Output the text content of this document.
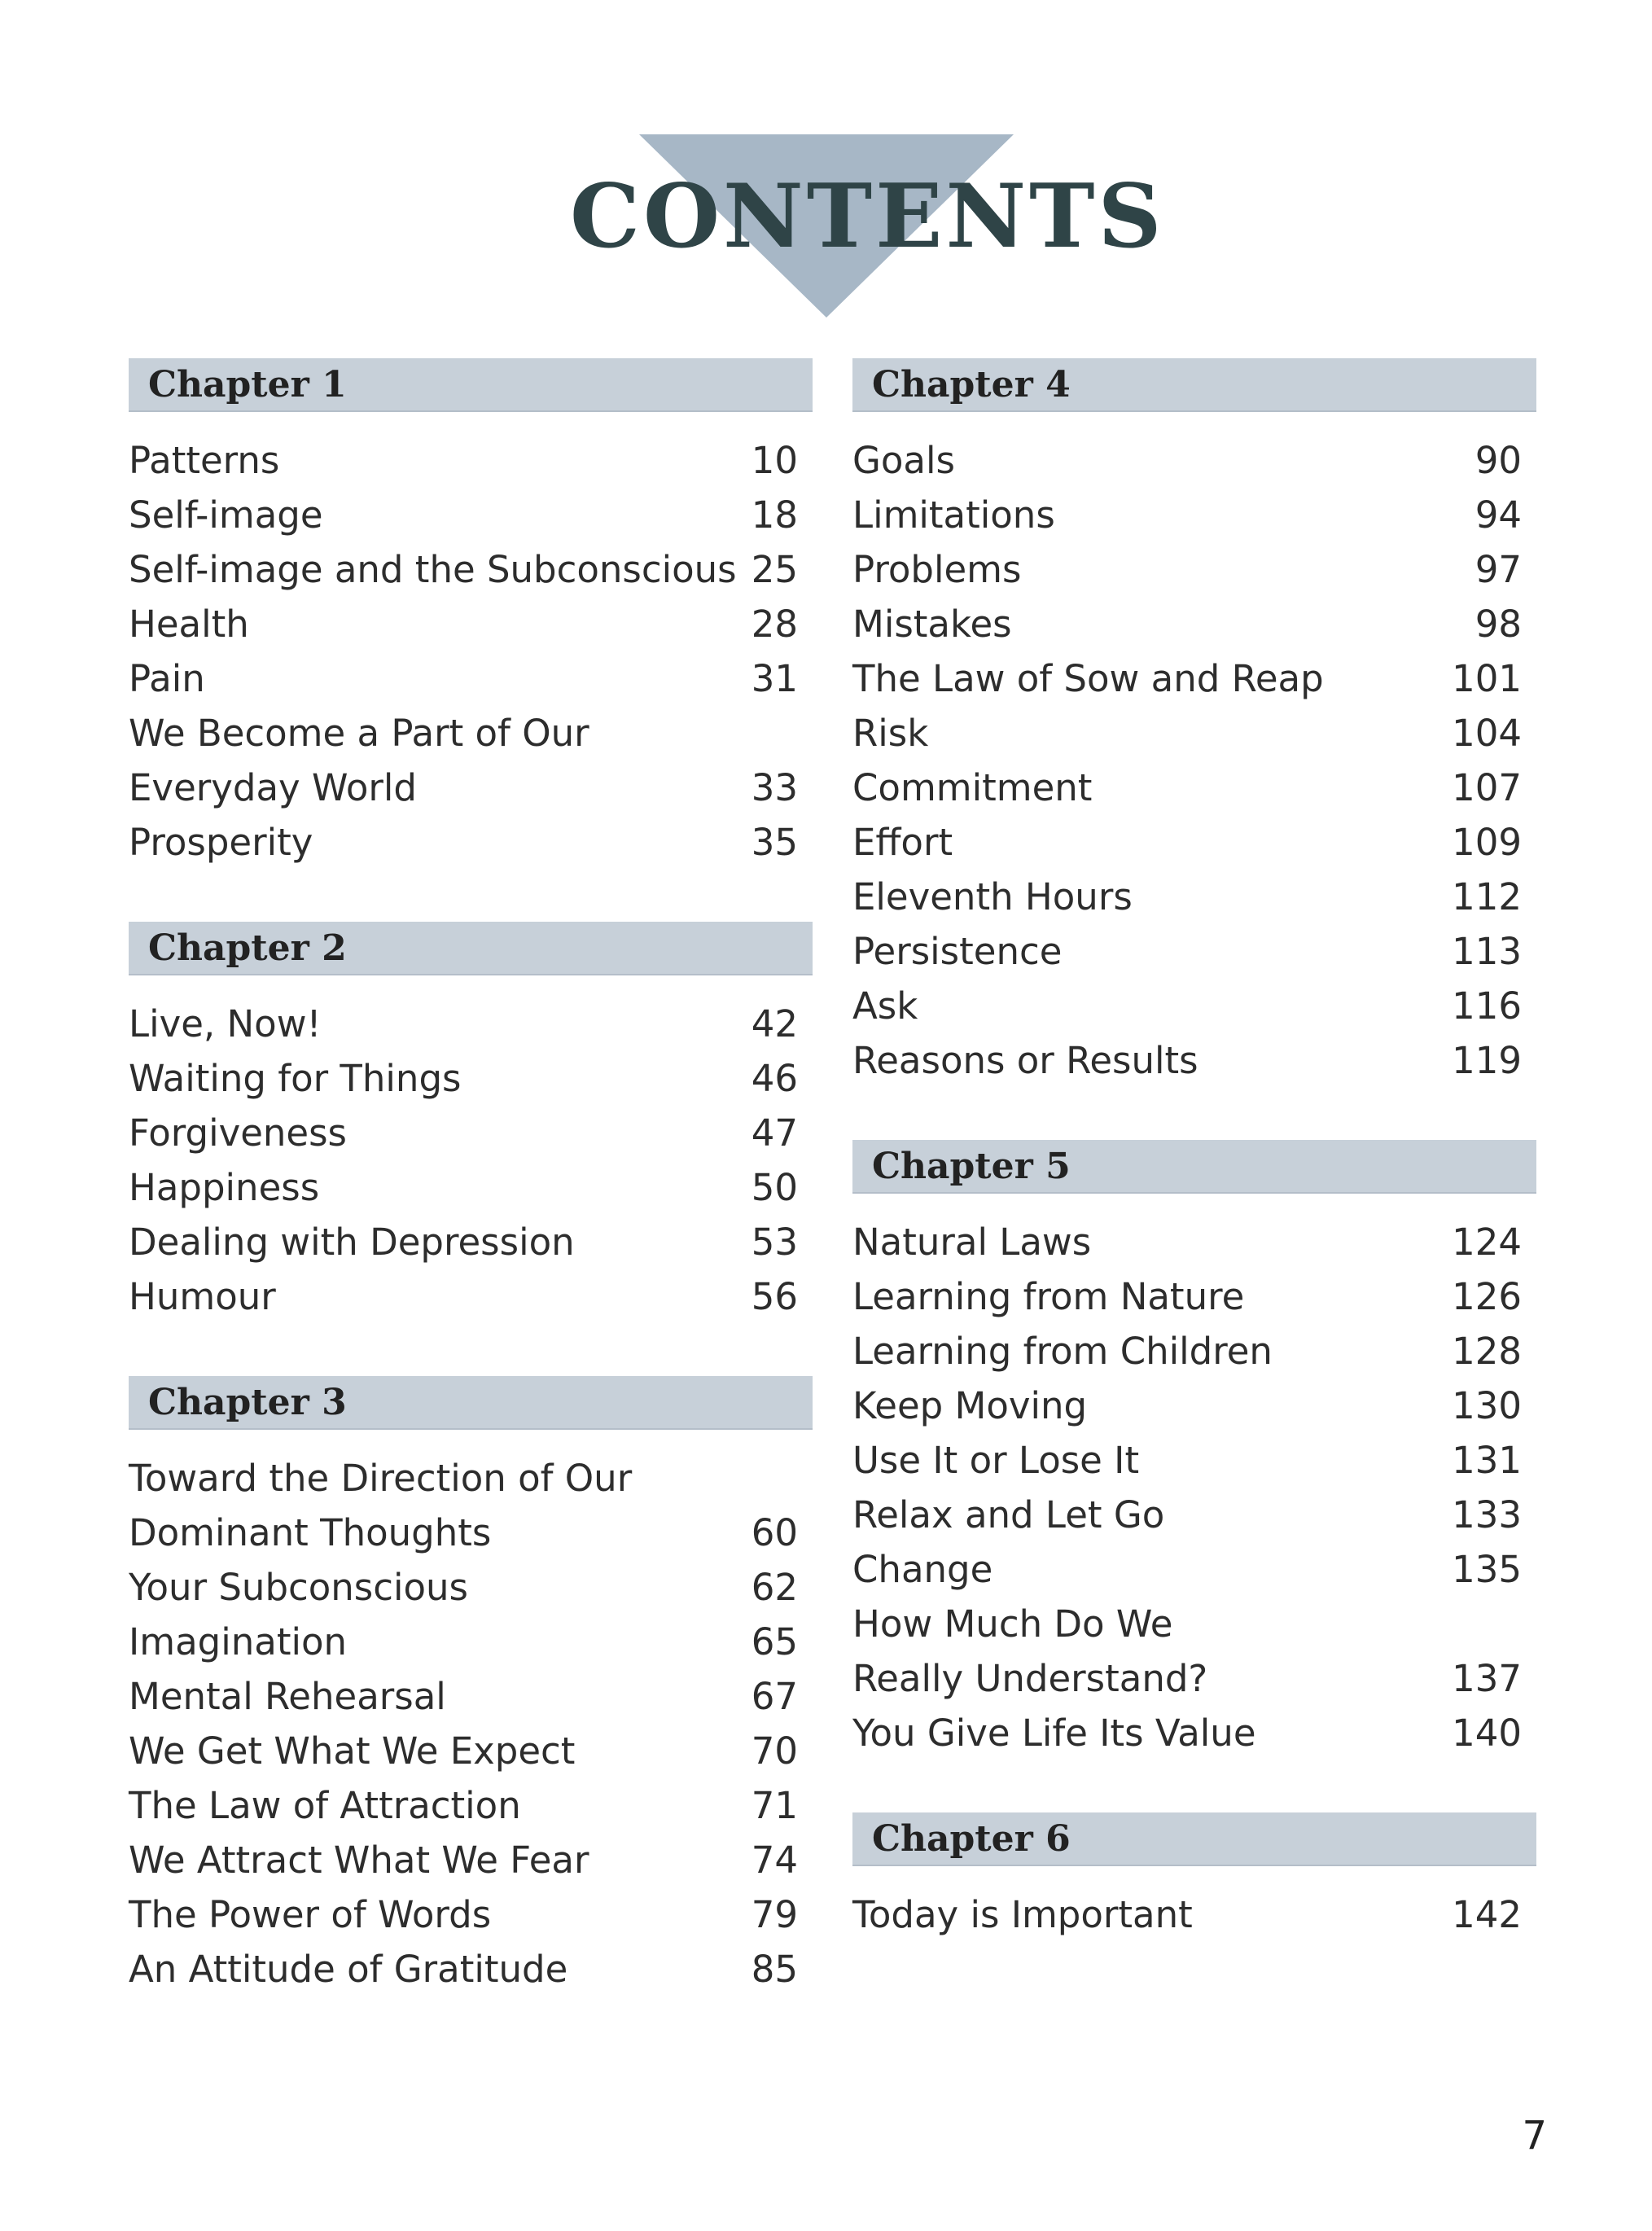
CONTENTS
Chapter 1
Patterns	10
Self-image	18
Self-image and the Subconscious 25
Health	28
Pain	31
We Become a Part of Our
Everyday World	33
Prosperity	35
Chapter 2
Live, Now!	42
Waiting for Things	46
Forgiveness	47
Happiness	50
Dealing with Depression	53
Humour	56
Chapter 3
Toward the Direction of Our
Dominant Thoughts	60
Your Subconscious	62
Imagination	65
Mental Rehearsal	67
We Get What We Expect	70
The Law of Attraction	71
We Attract What We Fear	74
The Power of Words	79
An Attitude of Gratitude	85
Chapter 4
Goals	90
Limitations	94
Problems	97
Mistakes	98
The Law of Sow and Reap	101
Risk	104
Commitment	107
Effort	109
Eleventh Hours	112
Persistence	113
Ask	116
Reasons or Results	119
Chapter 5
Natural Laws	124
Learning from Nature	126
Learning from Children	128
Keep Moving	130
Use It or Lose It	131
Relax and Let Go	133
Change	135
How Much Do We
Really Understand?	137
You Give Life Its Value	140
Chapter 6
Today is Important	142
7
